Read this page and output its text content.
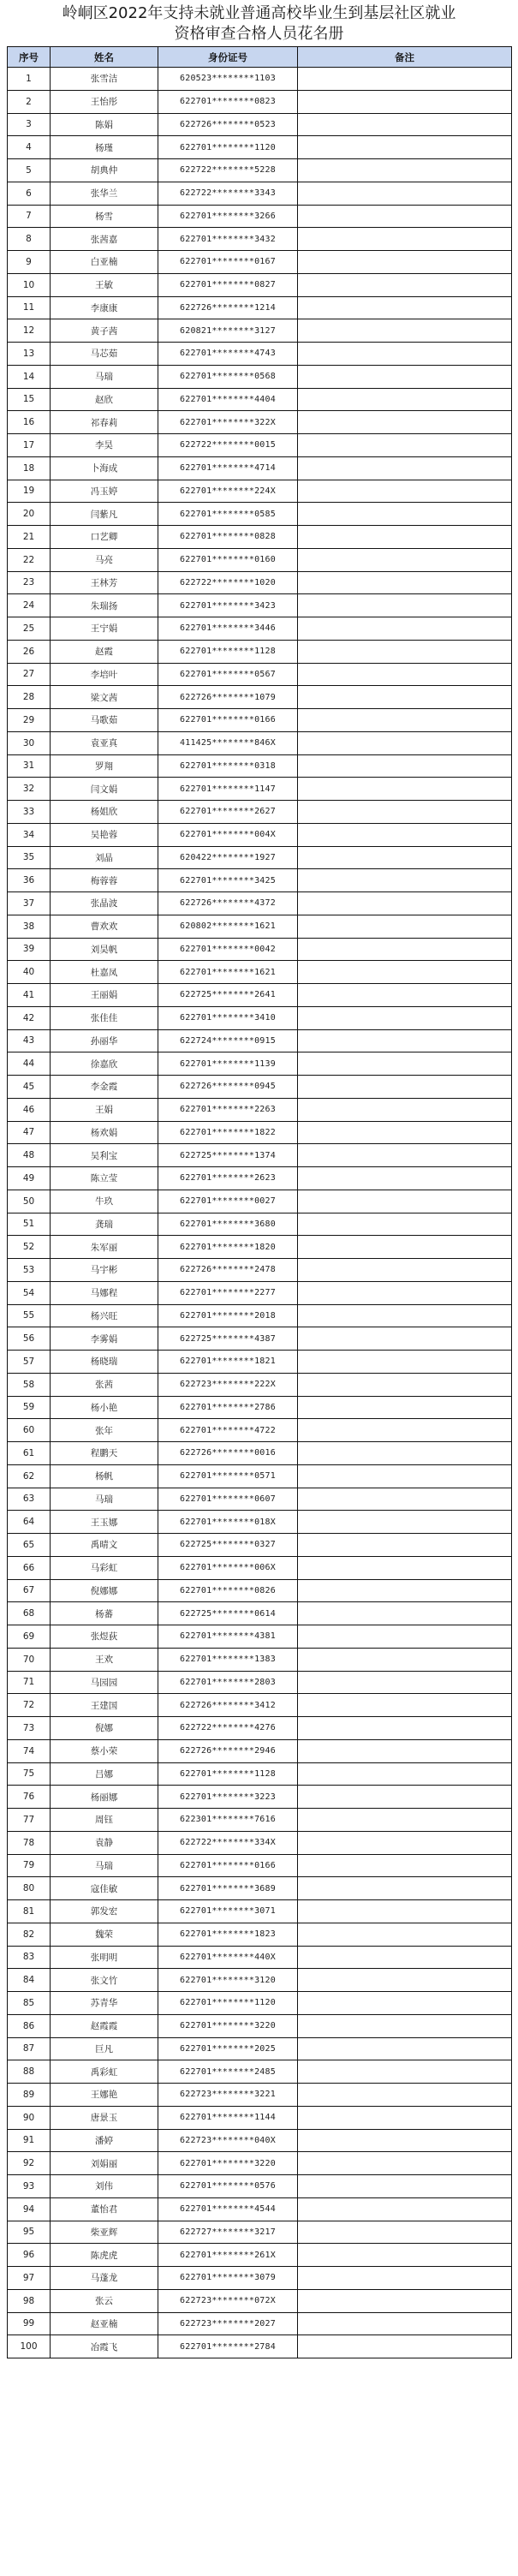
岭峒区2022年支持未就业普通高校毕业生到基层社区就业
资格审查合格人员花名册
序号	姓名	身份证号	备注
1	张雪洁	620523********1103	
2	王怡彤	622701********0823	
3	陈娟	622726********0523	
4	杨瑾	622701********1120	
5	胡典仲	622722********5228	
6	张华兰	622722********3343	
7	杨雪	622701********3266	
8	张茜嘉	622701********3432	
9	白亚楠	622701********0167	
10	王敏	622701********0827	
11	李康康	622726********1214	
12	黄子茜	620821********3127	
13	马芯茹	622701********4743	
14	马瑞	622701********0568	
15	赵欣	622701********4404	
16	祁春莉	622701********322X	
17	李昊	622722********0015	
18	卜海成	622701********4714	
19	冯玉婷	622701********224X	
20	闫紫凡	622701********0585	
21	口艺卿	622701********0828	
22	马亮	622701********0160	
23	王林芳	622722********1020	
24	朱瑞扬	622701********3423	
25	王宁娟	622701********3446	
26	赵霞	622701********1128	
27	李培叶	622701********0567	
28	梁文茜	622726********1079	
29	马歌茹	622701********0166	
30	袁亚真	411425********846X	
31	罗翔	622701********0318	
32	闫文娟	622701********1147	
33	杨姐欣	622701********2627	
34	吴艳蓉	622701********004X	
35	刘晶	620422********1927	
36	梅蓉蓉	622701********3425	
37	张晶波	622726********4372	
38	曹欢欢	620802********1621	
39	刘昊帆	622701********0042	
40	杜嘉凤	622701********1621	
41	王丽娟	622725********2641	
42	张佳佳	622701********3410	
43	孙丽华	622724********0915	
44	徐嘉欣	622701********1139	
45	李金霞	622726********0945	
46	王娟	622701********2263	
47	杨欢娟	622701********1822	
48	吴利宝	622725********1374	
49	陈立莹	622701********2623	
50	牛玖	622701********0027	
51	龚瑞	622701********3680	
52	朱军丽	622701********1820	
53	马宇彬	622726********2478	
54	马娜程	622701********2277	
55	杨兴旺	622701********2018	
56	李雾娟	622725********4387	
57	杨晓瑞	622701********1821	
58	张茜	622723********222X	
59	杨小艳	622701********2786	
60	张年	622701********4722	
61	程鹏天	622726********0016	
62	杨帆	622701********0571	
63	马瑞	622701********0607	
64	王玉娜	622701********018X	
65	禹晴文	622725********0327	
66	马彩虹	622701********006X	
67	倪娜娜	622701********0826	
68	杨蕃	622725********0614	
69	张煜荻	622701********4381	
70	王欢	622701********1383	
71	马园园	622701********2803	
72	王建国	622726********3412	
73	倪娜	622722********4276	
74	蔡小荣	622726********2946	
75	吕娜	622701********1128	
76	杨丽娜	622701********3223	
77	周钰	622301********7616	
78	袁静	622722********334X	
79	马瑞	622701********0166	
80	寇佳敏	622701********3689	
81	郭发宏	622701********3071	
82	魏荣	622701********1823	
83	张明明	622701********440X	
84	张文竹	622701********3120	
85	苏青华	622701********1120	
86	赵霞霞	622701********3220	
87	巨凡	622701********2025	
88	禹彩虹	622701********2485	
89	王娜艳	622723********3221	
90	唐景玉	622701********1144	
91	潘婷	622723********040X	
92	刘娟丽	622701********3220	
93	刘伟	622701********0576	
94	董怡君	622701********4544	
95	柴亚辉	622727********3217	
96	陈虎虎	622701********261X	
97	马蓬龙	622701********3079	
98	张云	622723********072X	
99	赵亚楠	622723********2027	
100	冶霞飞	622701********2784	
